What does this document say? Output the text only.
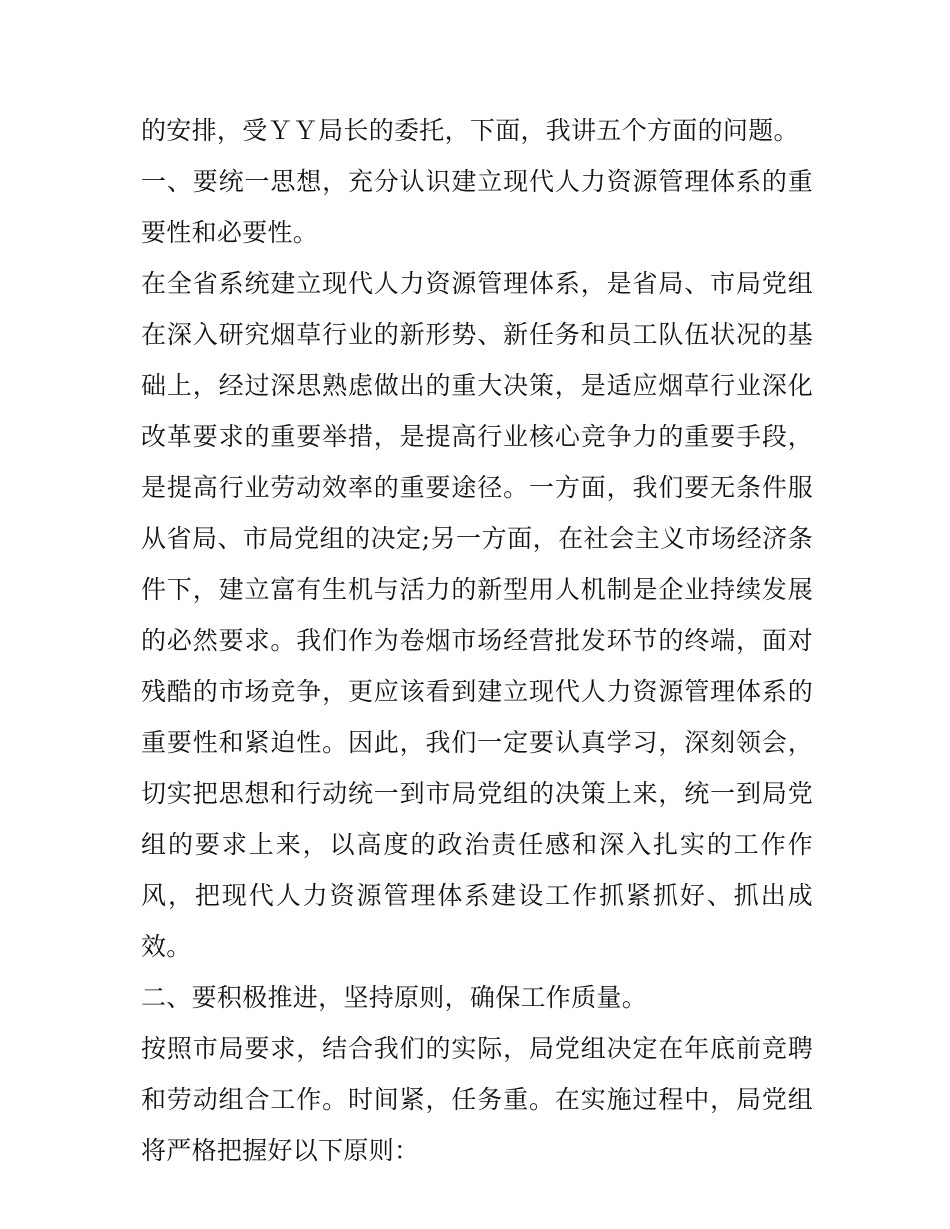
的安排，受ＹＹ局长的委托，下面，我讲五个方面的问题。

一、要统一思想，充分认识建立现代人力资源管理体系的重要性和必要性。

在全省系统建立现代人力资源管理体系，是省局、市局党组在深入研究烟草行业的新形势、新任务和员工队伍状况的基础上，经过深思熟虑做出的重大决策，是适应烟草行业深化改革要求的重要举措，是提高行业核心竞争力的重要手段，是提高行业劳动效率的重要途径。一方面，我们要无条件服从省局、市局党组的决定;另一方面，在社会主义市场经济条件下，建立富有生机与活力的新型用人机制是企业持续发展的必然要求。我们作为卷烟市场经营批发环节的终端，面对残酷的市场竞争，更应该看到建立现代人力资源管理体系的重要性和紧迫性。因此，我们一定要认真学习，深刻领会，切实把思想和行动统一到市局党组的决策上来，统一到局党组的要求上来，以高度的政治责任感和深入扎实的工作作风，把现代人力资源管理体系建设工作抓紧抓好、抓出成效。

二、要积极推进，坚持原则，确保工作质量。

按照市局要求，结合我们的实际，局党组决定在年底前竞聘和劳动组合工作。时间紧，任务重。在实施过程中，局党组将严格把握好以下原则：
